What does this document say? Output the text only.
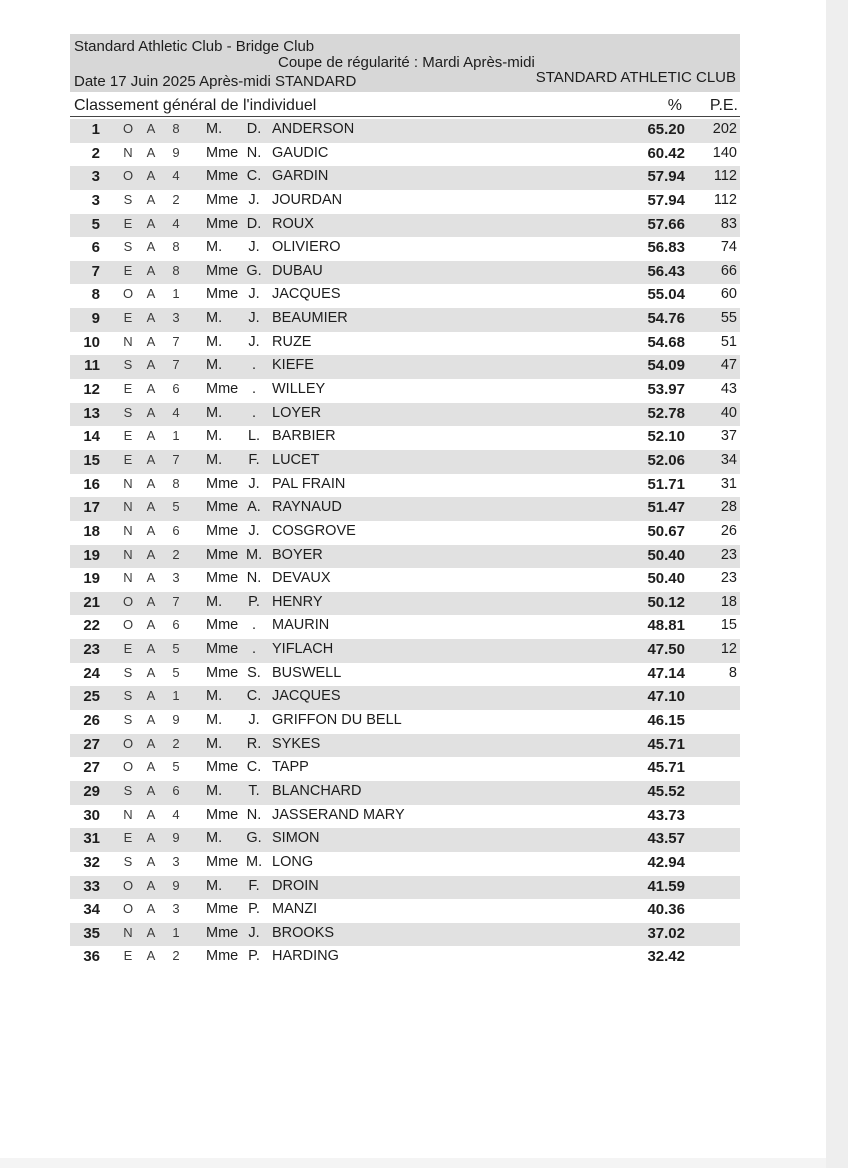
Standard Athletic Club - Bridge Club
Coupe de régularité : Mardi Après-midi
Date 17 Juin 2025 Après-midi STANDARD	STANDARD ATHLETIC CLUB
Classement général de l'individuel	% P.E.
1 O A 8 M. D. ANDERSON	65.20	202
2 N A 9 Mme N. GAUDIC	60.42	140
3 O A 4 Mme C. GARDIN	57.94	112
3 S A 2 Mme J. JOURDAN	57.94	112
5 E A 4 Mme D. ROUX	57.66	83
6 S A 8 M. J. OLIVIERO	56.83	74
7 E A 8 Mme G. DUBAU	56.43	66
8 O A 1 Mme J. JACQUES	55.04	60
9 E A 3 M. J. BEAUMIER	54.76	55
10 N A 7 M. J. RUZE	54.68	51
11 S A 7 M.	.	KIEFE	54.09	47
12 E A 6 Mme .	WILLEY	53.97	43
13 S A 4 M.	.	LOYER	52.78	40
14 E A 1 M. L. BARBIER	52.10	37
15 E A 7 M. F. LUCET	52.06	34
16 N A 8 Mme J. PAL FRAIN	51.71	31
17 N A 5 Mme A. RAYNAUD	51.47	28
18 N A 6 Mme J. COSGROVE	50.67	26
19 N A 2 Mme M. BOYER	50.40	23
19 N A 3 Mme N. DEVAUX	50.40	23
21 O A 7 M. P. HENRY	50.12	18
22 O A 6 Mme .	MAURIN	48.81	15
23 E A 5 Mme .	YIFLACH	47.50	12
24 S A 5 Mme S. BUSWELL	47.14	8
25 S A 1 M. C. JACQUES	47.10
26 S A 9 M. J. GRIFFON DU BELL	46.15
27 O A 2 M. R. SYKES	45.71
27 O A 5 Mme C. TAPP	45.71
29 S A 6 M. T. BLANCHARD	45.52
30 N A 4 Mme N. JASSERAND MARY	43.73
31 E A 9 M. G. SIMON	43.57
32 S A 3 Mme M. LONG	42.94
33 O A 9 M. F. DROIN	41.59
34 O A 3 Mme P. MANZI	40.36
35 N A 1 Mme J. BROOKS	37.02
36 E A 2 Mme P. HARDING	32.42
